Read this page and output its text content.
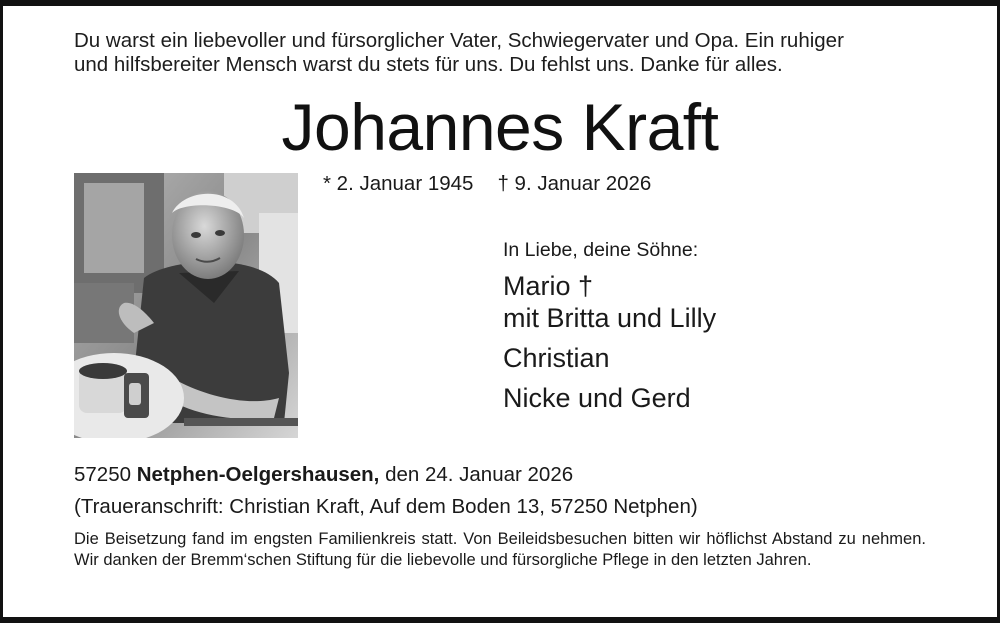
Du warst ein liebevoller und fürsorglicher Vater, Schwiegervater und Opa. Ein ruhiger
und hilfsbereiter Mensch warst du stets für uns. Du fehlst uns. Danke für alles.
Johannes Kraft
* 2. Januar 1945 † 9. Januar 2026
In Liebe, deine Söhne:
Mario †
mit Britta und Lilly
Christian
Nicke und Gerd
57250 Netphen-Oelgershausen, den 24. Januar 2026
(Traueranschrift: Christian Kraft, Auf dem Boden 13, 57250 Netphen)
Die Beisetzung fand im engsten Familienkreis statt. Von Beileidsbesuchen bitten wir höflichst Abstand zu nehmen. Wir danken der Bremm‘schen Stiftung für die liebevolle und fürsorgliche Pflege in den letzten Jahren.
